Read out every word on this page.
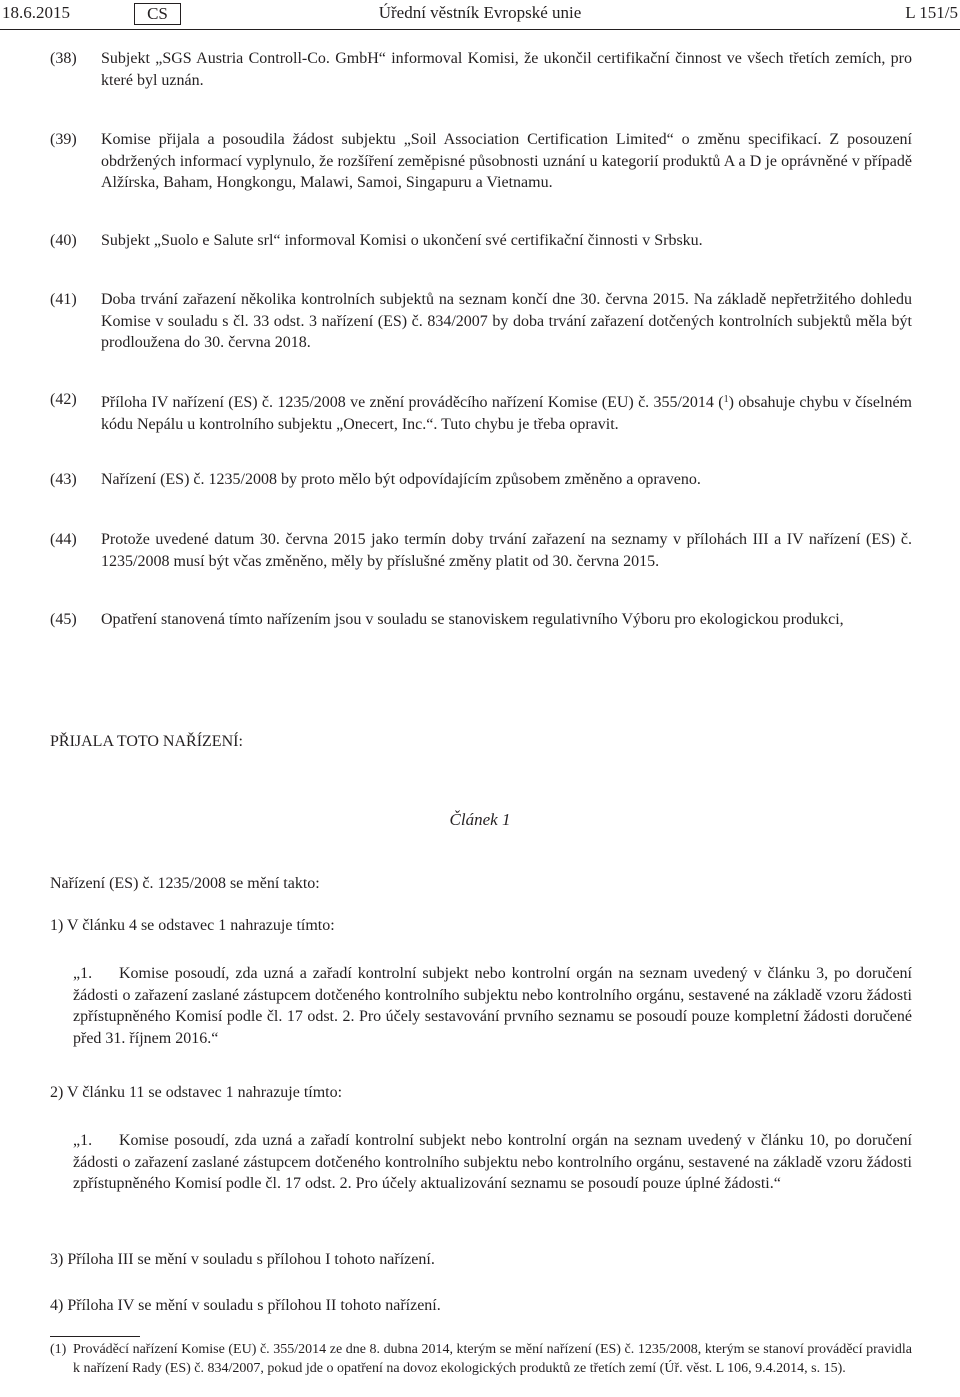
18.6.2015	CS	Úřední věstník Evropské unie	L 151/5
(38)	Subjekt „SGS Austria Controll-Co. GmbH“ informoval Komisi, že ukončil certifikační činnost ve všech třetích zemích, pro které byl uznán.
(39)	Komise přijala a posoudila žádost subjektu „Soil Association Certification Limited“ o změnu specifikací. Z posouzení obdržených informací vyplynulo, že rozšíření zeměpisné působnosti uznání u kategorií produktů A a D je oprávněné v případě Alžírska, Baham, Hongkongu, Malawi, Samoi, Singapuru a Vietnamu.
(40)	Subjekt „Suolo e Salute srl“ informoval Komisi o ukončení své certifikační činnosti v Srbsku.
(41)	Doba trvání zařazení několika kontrolních subjektů na seznam končí dne 30. června 2015. Na základě nepřetržitého dohledu Komise v souladu s čl. 33 odst. 3 nařízení (ES) č. 834/2007 by doba trvání zařazení dotčených kontrolních subjektů měla být prodloužena do 30. června 2018.
(42)	Příloha IV nařízení (ES) č. 1235/2008 ve znění prováděcího nařízení Komise (EU) č. 355/2014 ($^1$) obsahuje chybu v číselném kódu Nepálu u kontrolního subjektu „Onecert, Inc.“. Tuto chybu je třeba opravit.
(43)	Nařízení (ES) č. 1235/2008 by proto mělo být odpovídajícím způsobem změněno a opraveno.
(44)	Protože uvedené datum 30. června 2015 jako termín doby trvání zařazení na seznamy v přílohách III a IV nařízení (ES) č. 1235/2008 musí být včas změněno, měly by příslušné změny platit od 30. června 2015.
(45)	Opatření stanovená tímto nařízením jsou v souladu se stanoviskem regulativního Výboru pro ekologickou produkci,
PŘIJALA TOTO NAŘÍZENÍ:
Článek 1
Nařízení (ES) č. 1235/2008 se mění takto:
1) V článku 4 se odstavec 1 nahrazuje tímto:
„1. Komise posoudí, zda uzná a zařadí kontrolní subjekt nebo kontrolní orgán na seznam uvedený v článku 3, po doručení žádosti o zařazení zaslané zástupcem dotčeného kontrolního subjektu nebo kontrolního orgánu, sestavené na základě vzoru žádosti zpřístupněného Komisí podle čl. 17 odst. 2. Pro účely sestavování prvního seznamu se posoudí pouze kompletní žádosti doručené před 31. říjnem 2016.“
2) V článku 11 se odstavec 1 nahrazuje tímto:
„1. Komise posoudí, zda uzná a zařadí kontrolní subjekt nebo kontrolní orgán na seznam uvedený v článku 10, po doručení žádosti o zařazení zaslané zástupcem dotčeného kontrolního subjektu nebo kontrolního orgánu, sestavené na základě vzoru žádosti zpřístupněného Komisí podle čl. 17 odst. 2. Pro účely aktualizování seznamu se posoudí pouze úplné žádosti.“
3) Příloha III se mění v souladu s přílohou I tohoto nařízení.
4) Příloha IV se mění v souladu s přílohou II tohoto nařízení.
(1) Prováděcí nařízení Komise (EU) č. 355/2014 ze dne 8. dubna 2014, kterým se mění nařízení (ES) č. 1235/2008, kterým se stanoví prováděcí pravidla k nařízení Rady (ES) č. 834/2007, pokud jde o opatření na dovoz ekologických produktů ze třetích zemí (Úř. věst. L 106, 9.4.2014, s. 15).
